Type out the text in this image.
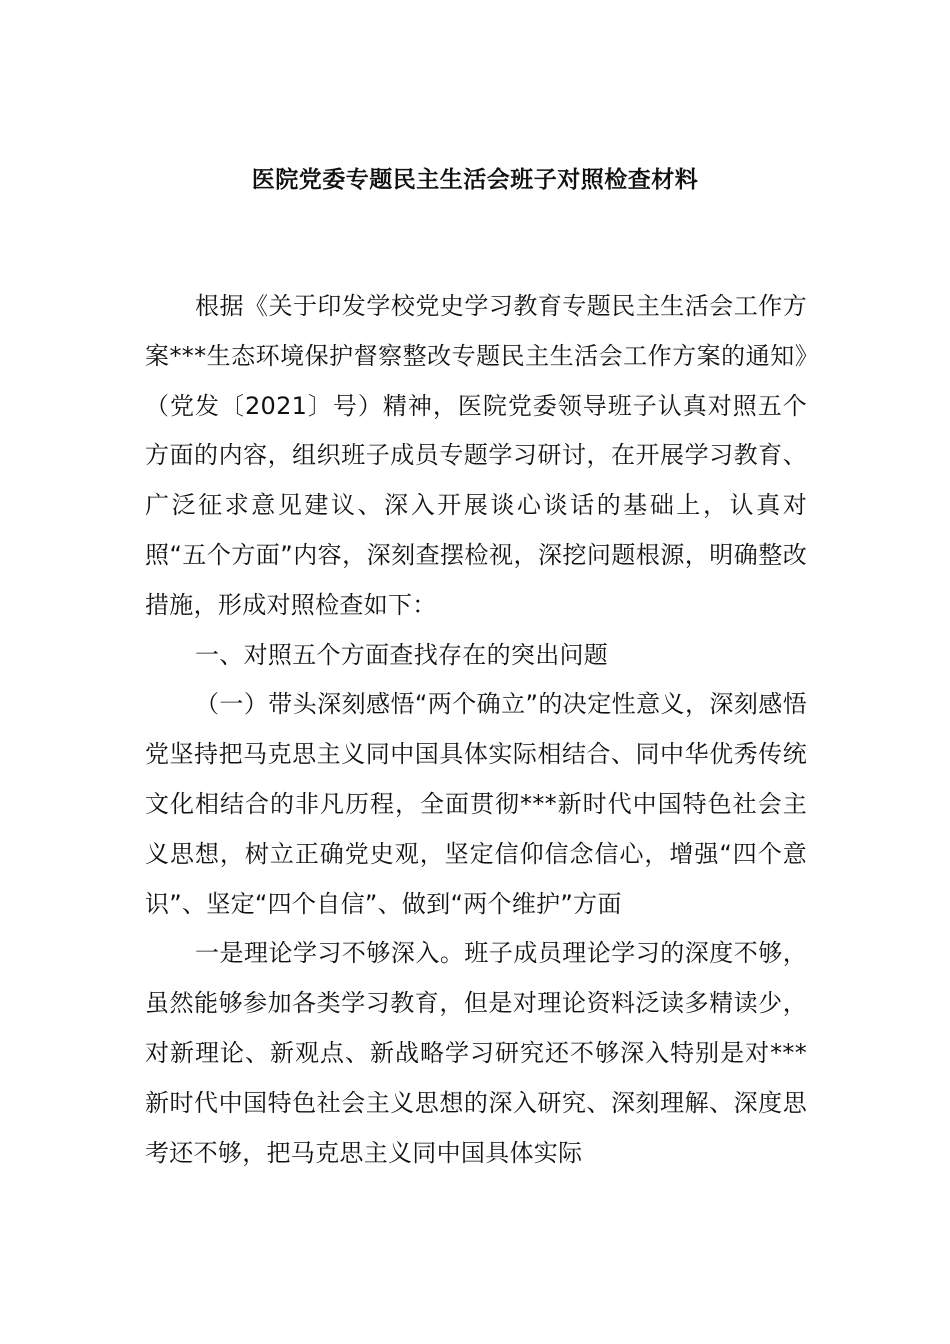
医院党委专题民主生活会班子对照检查材料

根据《关于印发学校党史学习教育专题民主生活会工作方案***生态环境保护督察整改专题民主生活会工作方案的通知》（党发〔2021〕号）精神，医院党委领导班子认真对照五个方面的内容，组织班子成员专题学习研讨，在开展学习教育、广泛征求意见建议、深入开展谈心谈话的基础上，认真对照“五个方面”内容，深刻查摆检视，深挖问题根源，明确整改措施，形成对照检查如下：

一、对照五个方面查找存在的突出问题

（一）带头深刻感悟“两个确立”的决定性意义，深刻感悟党坚持把马克思主义同中国具体实际相结合、同中华优秀传统文化相结合的非凡历程，全面贯彻***新时代中国特色社会主义思想，树立正确党史观，坚定信仰信念信心，增强“四个意识”、坚定“四个自信”、做到“两个维护”方面

一是理论学习不够深入。班子成员理论学习的深度不够，虽然能够参加各类学习教育，但是对理论资料泛读多精读少，对新理论、新观点、新战略学习研究还不够深入特别是对***新时代中国特色社会主义思想的深入研究、深刻理解、深度思考还不够，把马克思主义同中国具体实际
